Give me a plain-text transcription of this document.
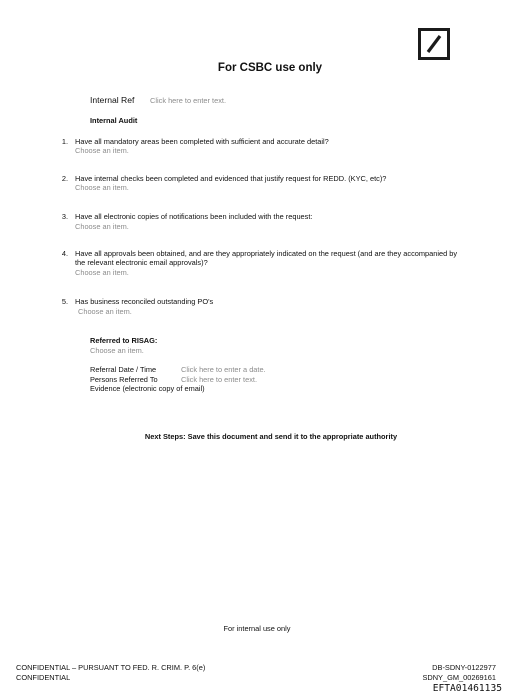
For CSBC use only
Internal Ref Click here to enter text.
Internal Audit
1. Have all mandatory areas been completed with sufficient and accurate detail?
Choose an item.
2. Have internal checks been completed and evidenced that justify request for REDD. (KYC, etc)?
Choose an item.
3. Have all electronic copies of notifications been included with the request:
Choose an item.
4. Have all approvals been obtained, and are they appropriately indicated on the request (and are they accompanied by the relevant electronic email approvals)?
Choose an item.
5. Has business reconciled outstanding PO's
Choose an item.
Referred to RISAG:
Choose an item.
Referral Date / Time	Click here to enter a date.
Persons Referred To	Click here to enter text.
Evidence (electronic copy of email)
Next Steps: Save this document and send it to the appropriate authority
For internal use only
CONFIDENTIAL – PURSUANT TO FED. R. CRIM. P. 6(e)
CONFIDENTIAL
DB-SDNY-0122977
SDNY_GM_00269161
EFTA01461135
